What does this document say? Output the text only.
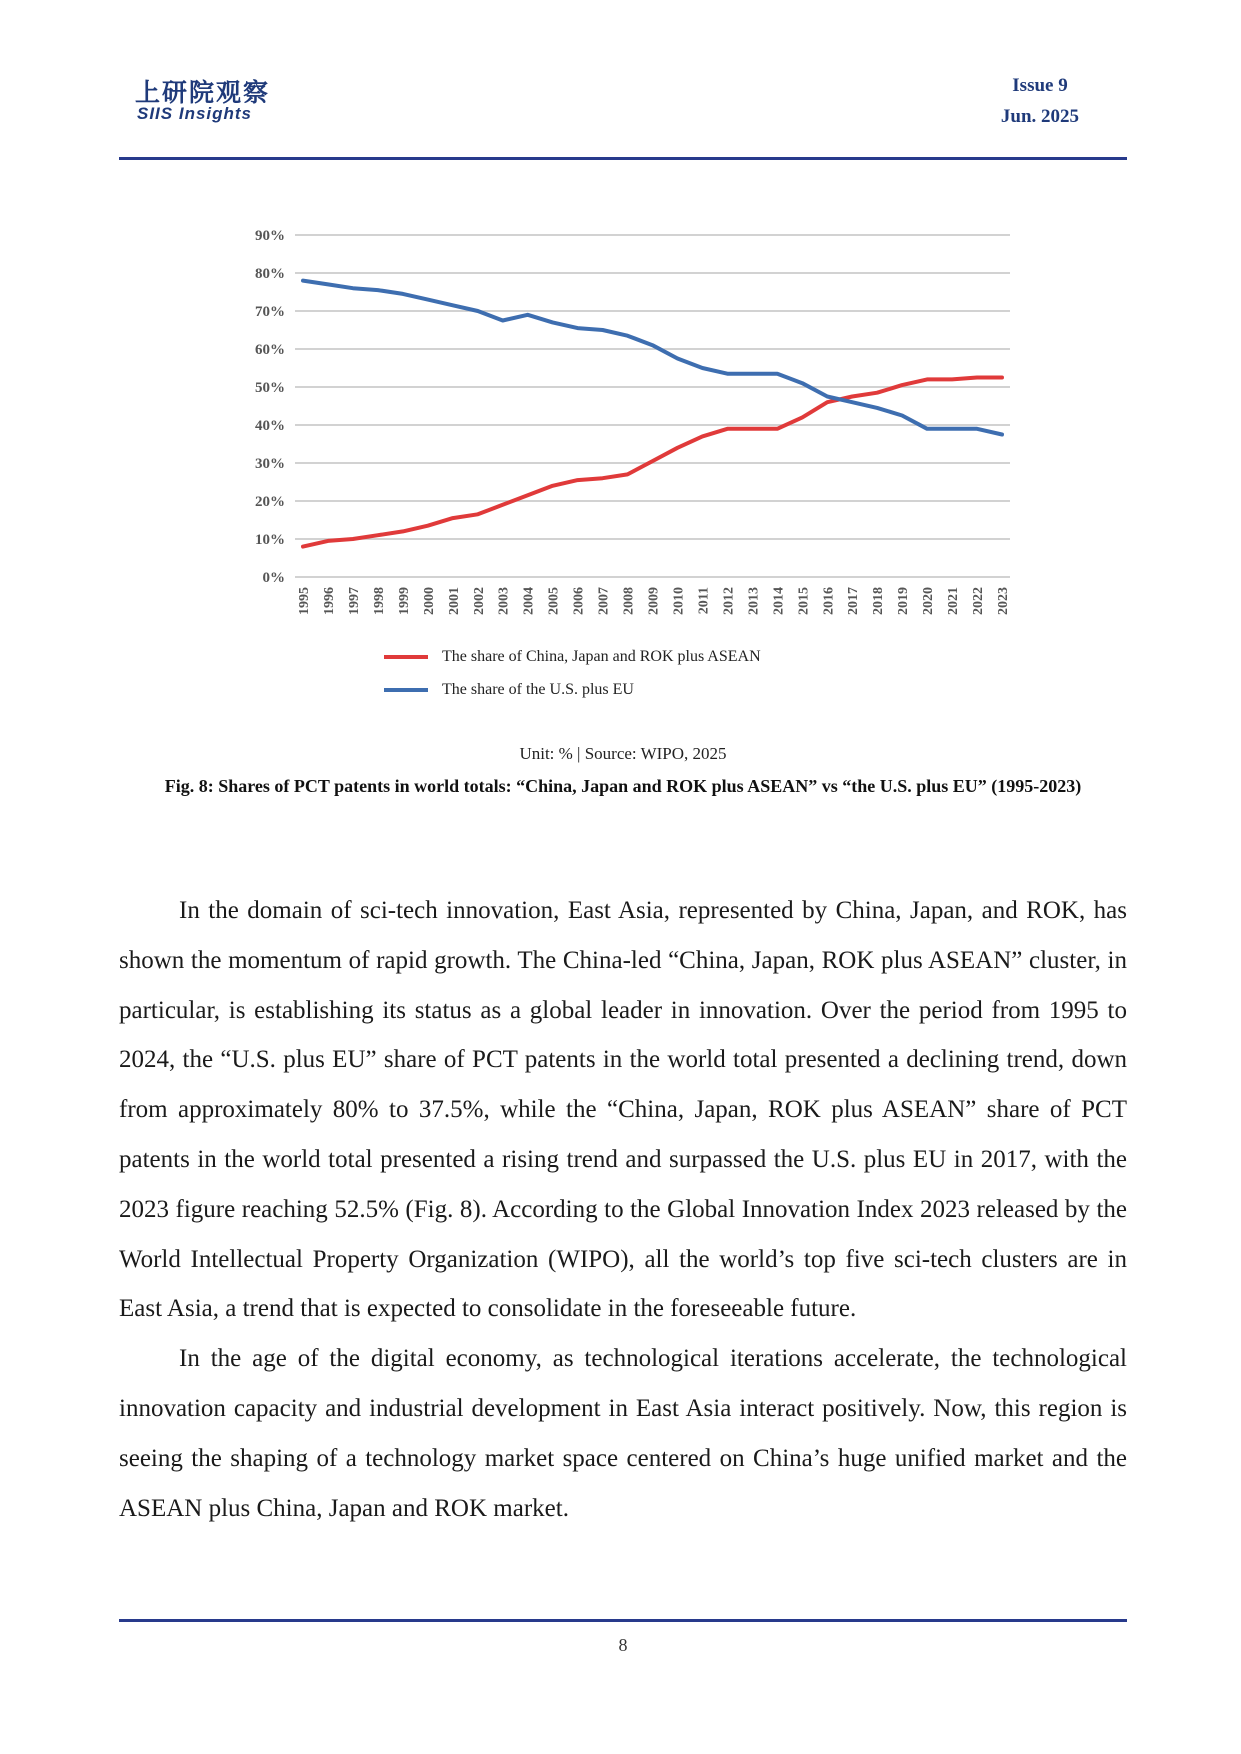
上研院观察
SIIS Insights
Issue 9
Jun. 2025
0%
10%
20%
30%
40%
50%
60%
70%
80%
90%
1995 1996 1997 1998 1999 2000 2001 2002 2003 2004 2005 2006 2007 2008 2009 2010 2011 2012 2013 2014 2015 2016 2017 2018 2019 2020 2021 2022 2023
The share of China, Japan and ROK plus ASEAN
The share of the U.S. plus EU
Unit: % | Source: WIPO, 2025
Fig. 8: Shares of PCT patents in world totals: “China, Japan and ROK plus ASEAN” vs “the U.S. plus EU” (1995-2023)

In the domain of sci-tech innovation, East Asia, represented by China, Japan, and ROK, has shown the momentum of rapid growth. The China-led “China, Japan, ROK plus ASEAN” cluster, in particular, is establishing its status as a global leader in innovation. Over the period from 1995 to 2024, the “U.S. plus EU” share of PCT patents in the world total presented a declining trend, down from approximately 80% to 37.5%, while the “China, Japan, ROK plus ASEAN” share of PCT patents in the world total presented a rising trend and surpassed the U.S. plus EU in 2017, with the 2023 figure reaching 52.5% (Fig. 8). According to the Global Innovation Index 2023 released by the World Intellectual Property Organization (WIPO), all the world’s top five sci-tech clusters are in East Asia, a trend that is expected to consolidate in the foreseeable future.

In the age of the digital economy, as technological iterations accelerate, the technological innovation capacity and industrial development in East Asia interact positively. Now, this region is seeing the shaping of a technology market space centered on China’s huge unified market and the ASEAN plus China, Japan and ROK market.

8
